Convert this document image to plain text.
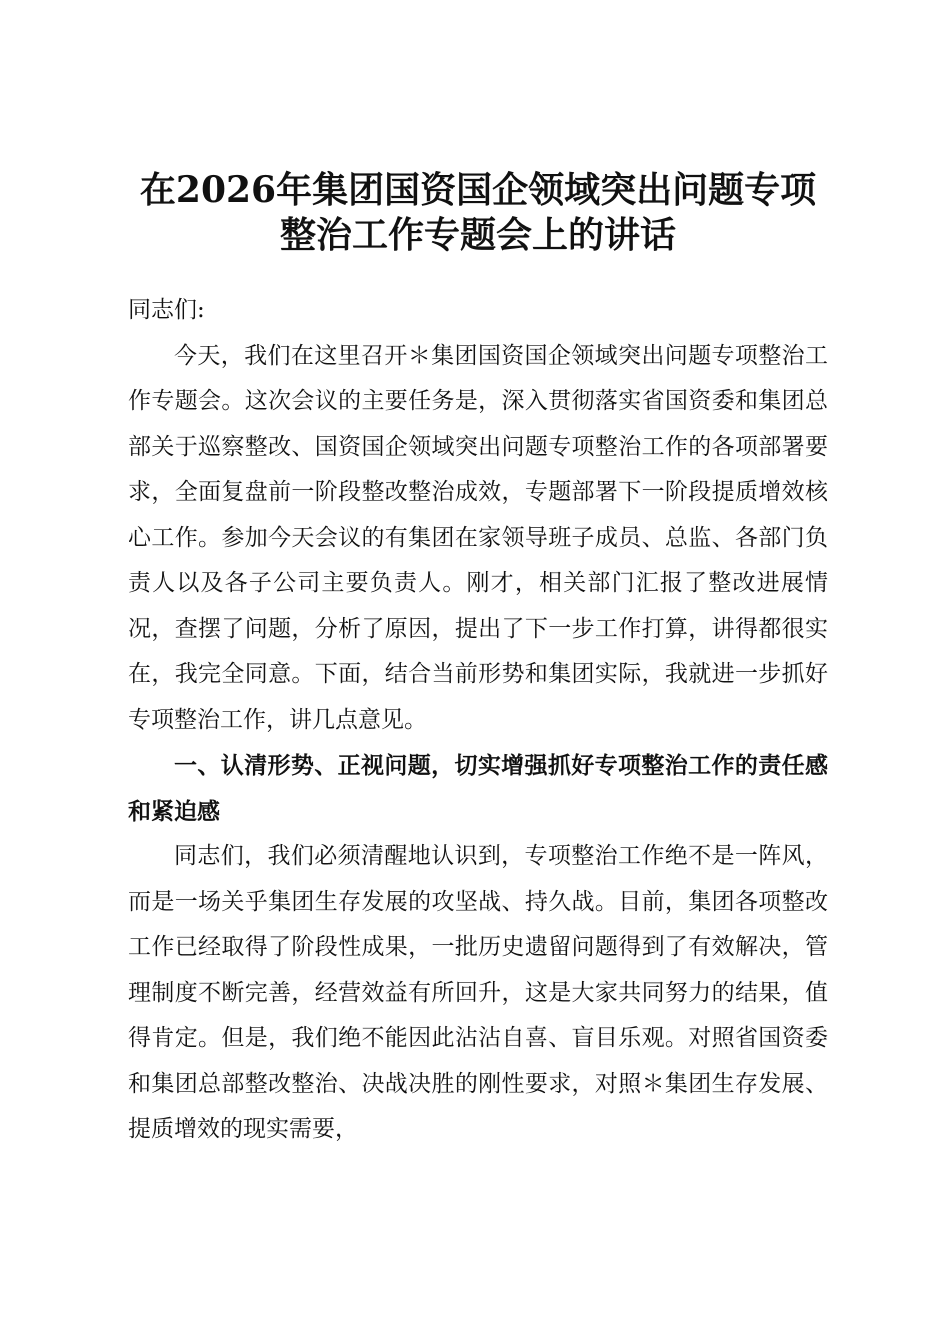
在2026年集团国资国企领域突出问题专项
整治工作专题会上的讲话

同志们:

今天，我们在这里召开＊集团国资国企领域突出问题专项整治工作专题会。这次会议的主要任务是，深入贯彻落实省国资委和集团总部关于巡察整改、国资国企领域突出问题专项整治工作的各项部署要求，全面复盘前一阶段整改整治成效，专题部署下一阶段提质增效核心工作。参加今天会议的有集团在家领导班子成员、总监、各部门负责人以及各子公司主要负责人。刚才，相关部门汇报了整改进展情况，查摆了问题，分析了原因，提出了下一步工作打算，讲得都很实在，我完全同意。下面，结合当前形势和集团实际，我就进一步抓好专项整治工作，讲几点意见。

一、认清形势、正视问题，切实增强抓好专项整治工作的责任感和紧迫感

同志们，我们必须清醒地认识到，专项整治工作绝不是一阵风，而是一场关乎集团生存发展的攻坚战、持久战。目前，集团各项整改工作已经取得了阶段性成果，一批历史遗留问题得到了有效解决，管理制度不断完善，经营效益有所回升，这是大家共同努力的结果，值得肯定。但是，我们绝不能因此沾沾自喜、盲目乐观。对照省国资委和集团总部整改整治、决战决胜的刚性要求，对照＊集团生存发展、提质增效的现实需要，
